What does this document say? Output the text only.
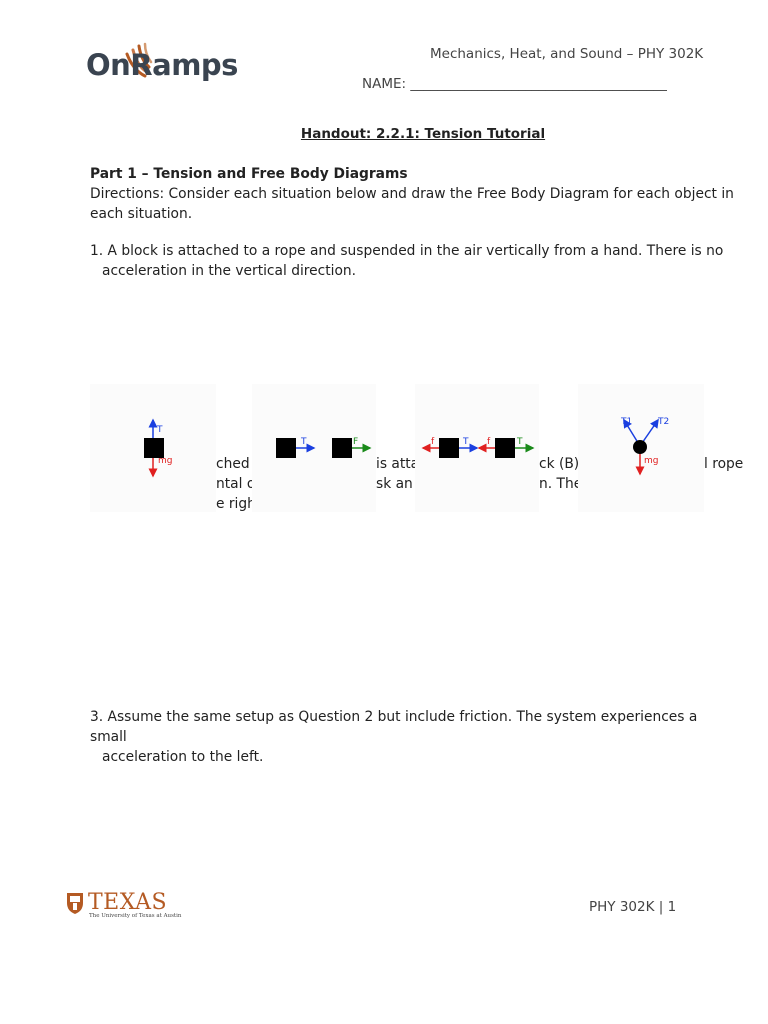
OnRamps	Mechanics, Heat, and Sound – PHY 302K
NAME: ______________________________________
Handout: 2.2.1: Tension Tutorial
Part 1 – Tension and Free Body Diagrams
Directions: Consider each situation below and draw the Free Body Diagram for each object in each situation.
1. A block is attached to a rope and suspended in the air vertically from a hand. There is no
acceleration in the vertical direction.
ched	is atta	ck (B)	l rope
ntal or	sk an	n. The
e righ
T
mg
T	F	f	T f	T
T1	T2
mg
3. Assume the same setup as Question 2 but include friction. The system experiences a small
acceleration to the left.
TEXAS
The University of Texas at Austin
PHY 302K | 1
